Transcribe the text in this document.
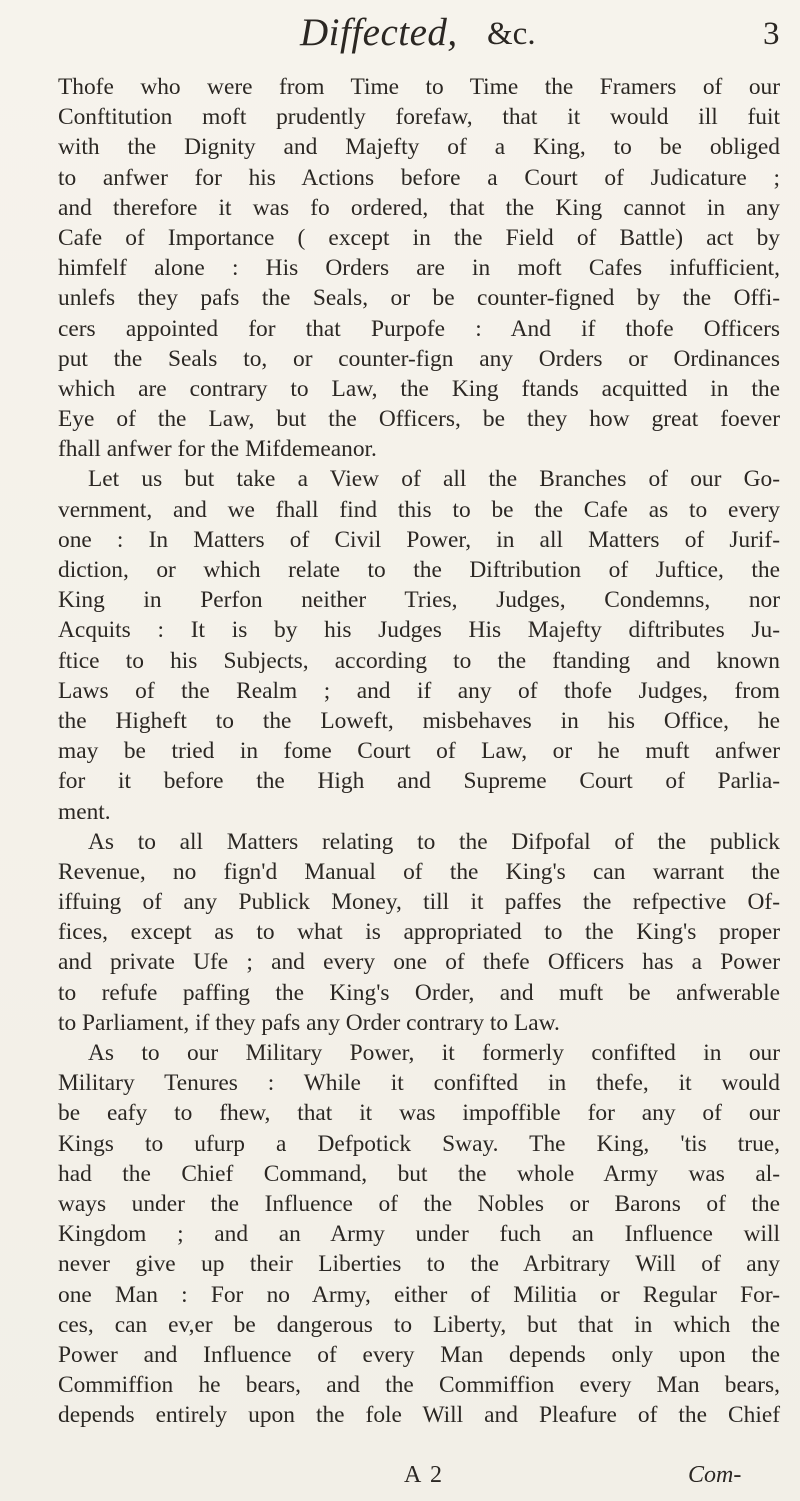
Diffected, &c.	3
Thofe who were from Time to Time the Framers of our
Conftitution moft prudently forefaw, that it would ill fuit
with the Dignity and Majefty of a King, to be obliged
to anfwer for his Actions before a Court of Judicature ;
and therefore it was fo ordered, that the King cannot in any
Cafe of Importance ( except in the Field of Battle) act by
himfelf alone : His Orders are in moft Cafes infufficient,
unlefs they pafs the Seals, or be counter-figned by the Offi-
cers appointed for that Purpofe : And if thofe Officers
put the Seals to, or counter-fign any Orders or Ordinances
which are contrary to Law, the King ftands acquitted in the
Eye of the Law, but the Officers, be they how great foever
fhall anfwer for the Mifdemeanor.
Let us but take a View of all the Branches of our Go-
vernment, and we fhall find this to be the Cafe as to every
one : In Matters of Civil Power, in all Matters of Jurif-
diction, or which relate to the Diftribution of Juftice, the
King in Perfon neither Tries, Judges, Condemns, nor
Acquits : It is by his Judges His Majefty diftributes Ju-
ftice to his Subjects, according to the ftanding and known
Laws of the Realm ; and if any of thofe Judges, from
the Higheft to the Loweft, misbehaves in his Office, he
may be tried in fome Court of Law, or he muft anfwer
for it before the High and Supreme Court of Parlia-
ment.
As to all Matters relating to the Difpofal of the publick
Revenue, no fign'd Manual of the King's can warrant the
iffuing of any Publick Money, till it paffes the refpective Of-
fices, except as to what is appropriated to the King's proper
and private Ufe ; and every one of thefe Officers has a Power
to refufe paffing the King's Order, and muft be anfwerable
to Parliament, if they pafs any Order contrary to Law.
As to our Military Power, it formerly confifted in our
Military Tenures : While it confifted in thefe, it would
be eafy to fhew, that it was impoffible for any of our
Kings to ufurp a Defpotick Sway. The King, 'tis true,
had the Chief Command, but the whole Army was al-
ways under the Influence of the Nobles or Barons of the
Kingdom ; and an Army under fuch an Influence will
never give up their Liberties to the Arbitrary Will of any
one Man : For no Army, either of Militia or Regular For-
ces, can ev,er be dangerous to Liberty, but that in which the
Power and Influence of every Man depends only upon the
Commiffion he bears, and the Commiffion every Man bears,
depends entirely upon the fole Will and Pleafure of the Chief
A 2	Com-
